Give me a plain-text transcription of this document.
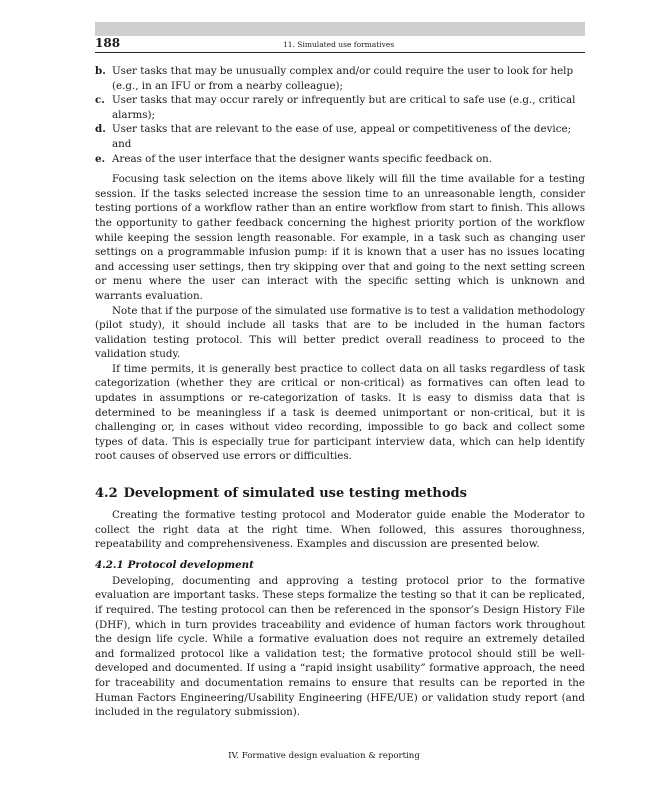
188	11. Simulated use formatives
b. User tasks that may be unusually complex and/or could require the user to look for help (e.g., in an IFU or from a nearby colleague);
c. User tasks that may occur rarely or infrequently but are critical to safe use (e.g., critical alarms);
d. User tasks that are relevant to the ease of use, appeal or competitiveness of the device; and
e. Areas of the user interface that the designer wants specific feedback on.

Focusing task selection on the items above likely will fill the time available for a testing session. If the tasks selected increase the session time to an unreasonable length, consider testing portions of a workflow rather than an entire workflow from start to finish. This allows the opportunity to gather feedback concerning the highest priority portion of the workflow while keeping the session length reasonable. For example, in a task such as changing user settings on a programmable infusion pump: if it is known that a user has no issues locating and accessing user settings, then try skipping over that and going to the next setting screen or menu where the user can interact with the specific setting which is unknown and warrants evaluation.

Note that if the purpose of the simulated use formative is to test a validation methodology (pilot study), it should include all tasks that are to be included in the human factors validation testing protocol. This will better predict overall readiness to proceed to the validation study.

If time permits, it is generally best practice to collect data on all tasks regardless of task categorization (whether they are critical or non-critical) as formatives can often lead to updates in assumptions or re-categorization of tasks. It is easy to dismiss data that is determined to be meaningless if a task is deemed unimportant or non-critical, but it is challenging or, in cases without video recording, impossible to go back and collect some types of data. This is especially true for participant interview data, which can help identify root causes of observed use errors or difficulties.

4.2 Development of simulated use testing methods

Creating the formative testing protocol and Moderator guide enable the Moderator to collect the right data at the right time. When followed, this assures thoroughness, repeatability and comprehensiveness. Examples and discussion are presented below.

4.2.1 Protocol development

Developing, documenting and approving a testing protocol prior to the formative evaluation are important tasks. These steps formalize the testing so that it can be replicated, if required. The testing protocol can then be referenced in the sponsor’s Design History File (DHF), which in turn provides traceability and evidence of human factors work throughout the design life cycle. While a formative evaluation does not require an extremely detailed and formalized protocol like a validation test; the formative protocol should still be well-developed and documented. If using a “rapid insight usability” formative approach, the need for traceability and documentation remains to ensure that results can be reported in the Human Factors Engineering/Usability Engineering (HFE/UE) or validation study report (and included in the regulatory submission).

IV. Formative design evaluation & reporting
